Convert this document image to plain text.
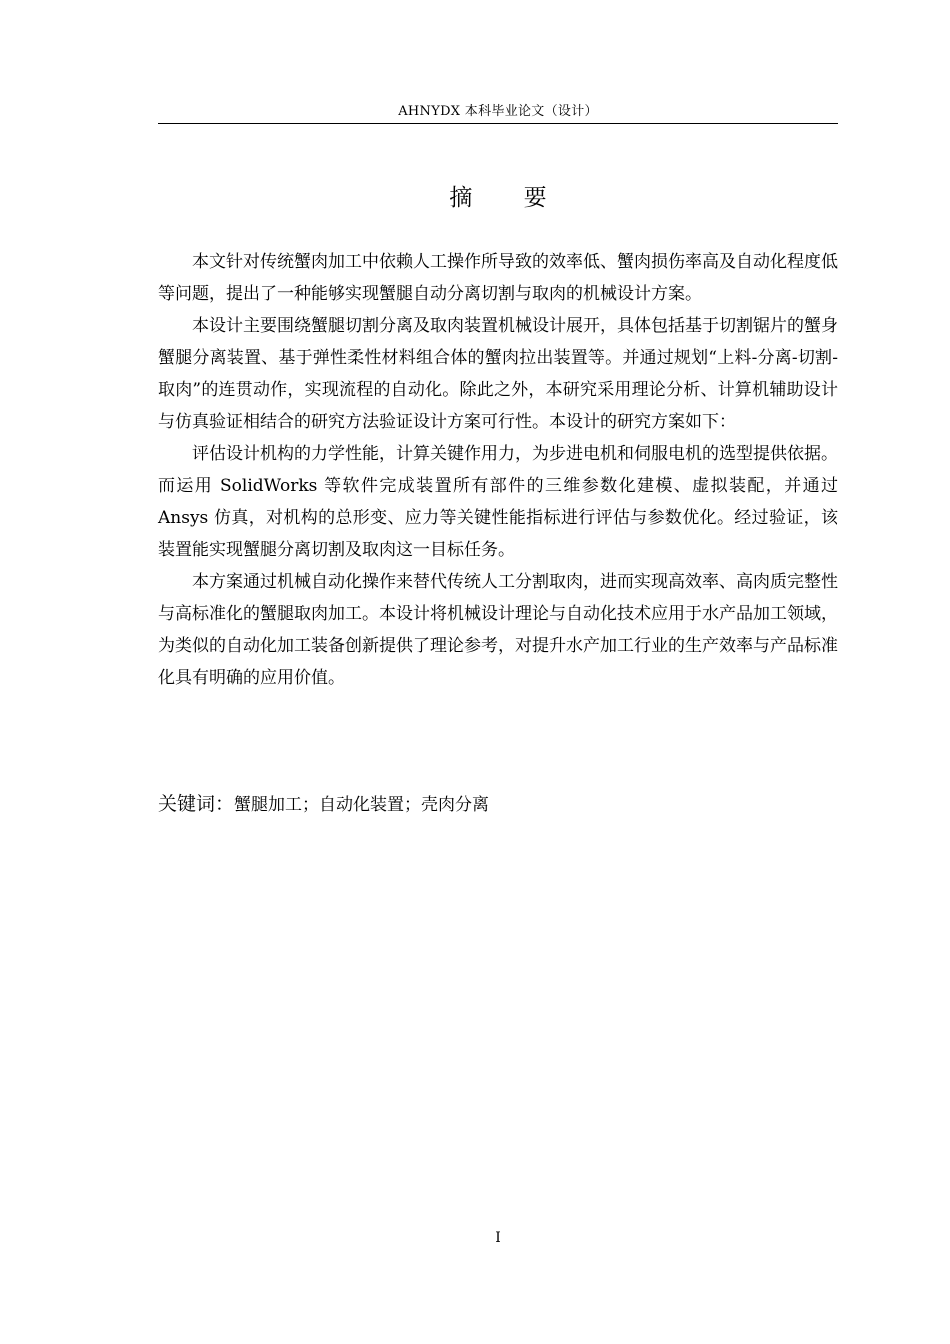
AHNYDX 本科毕业论文（设计）
摘 要

本文针对传统蟹肉加工中依赖人工操作所导致的效率低、蟹肉损伤率高及自动化程度低等问题，提出了一种能够实现蟹腿自动分离切割与取肉的机械设计方案。

本设计主要围绕蟹腿切割分离及取肉装置机械设计展开，具体包括基于切割锯片的蟹身蟹腿分离装置、基于弹性柔性材料组合体的蟹肉拉出装置等。并通过规划“上料-分离-切割-取肉”的连贯动作，实现流程的自动化。除此之外，本研究采用理论分析、计算机辅助设计与仿真验证相结合的研究方法验证设计方案可行性。本设计的研究方案如下：

评估设计机构的力学性能，计算关键作用力，为步进电机和伺服电机的选型提供依据。而运用 SolidWorks 等软件完成装置所有部件的三维参数化建模、虚拟装配，并通过 Ansys 仿真，对机构的总形变、应力等关键性能指标进行评估与参数优化。经过验证，该装置能实现蟹腿分离切割及取肉这一目标任务。

本方案通过机械自动化操作来替代传统人工分割取肉，进而实现高效率、高肉质完整性与高标准化的蟹腿取肉加工。本设计将机械设计理论与自动化技术应用于水产品加工领域，为类似的自动化加工装备创新提供了理论参考，对提升水产加工行业的生产效率与产品标准化具有明确的应用价值。

关键词：蟹腿加工；自动化装置；壳肉分离
I
